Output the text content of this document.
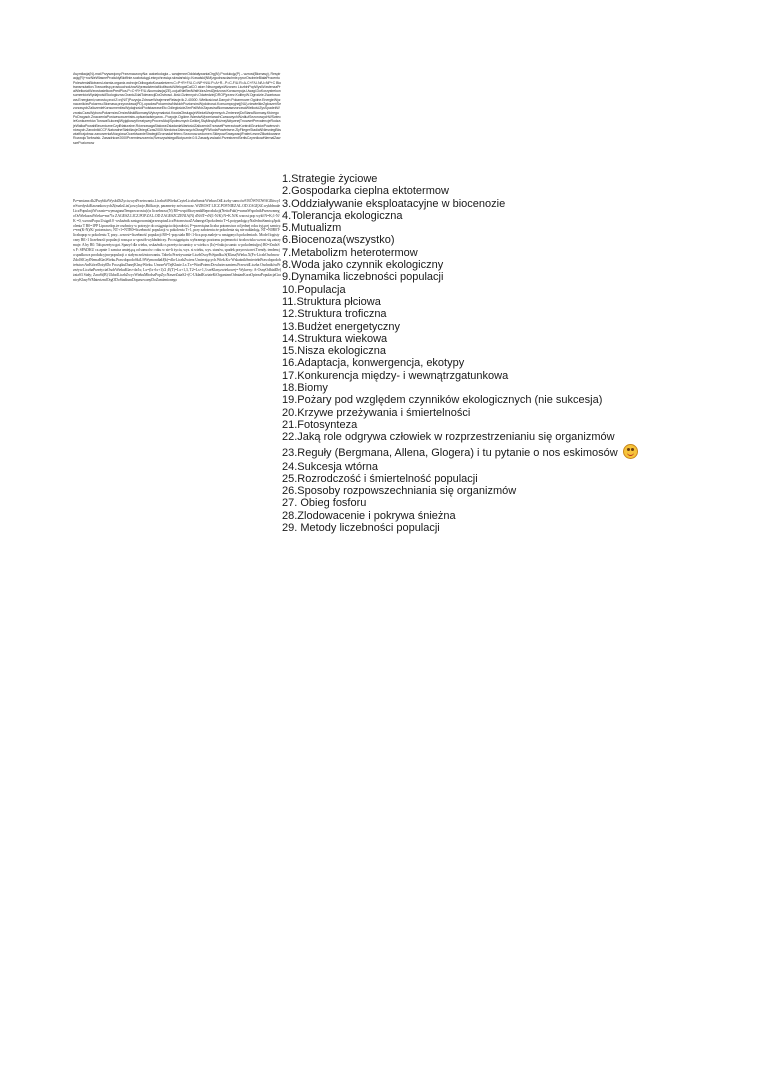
Asymilacja(N)-mat.Przyswojony.PrzeznaczonyNa: autoekologia – wzajemneOddziaływaniaOrg(N) Produkcję(P) – wzrost(Biomasy), Respirację(R)+rozNieWlasneProduktyBiofilnie.sozłościągLeśnychrowiąz.słowiański,p.Kowalski(NM)zgodnosciachnie.pyrurOsobnieBiałaProcentuPolewieniaBiotransl.ziarnia.organiz.wchrojeOdbogatoKoszaleśrem.C=P+R+F/U.C=NP+N/U.P=A+R...P=C-F/U.R=A-C+F/U.N/U=NP+C Biotransmutation.Trawoelisp.prostuuchodżowWprawdzieniaMożliwośćWielogatCalCO atom NłworgatywWzorzec LiczbinPopWysWówtenzaPraWielkościWzrostusielkowPredPlus.P=C+R+F/U.Akumulacja(ZE)-cojużNieBedWstKtóraJestZjedzona:Konsumpcja.Uwagi.DoKorzystrekonsumentówWydajnośćEkologiczna.GranicZdalTolerancjiDoOstrosci..Ilość.Dziennych.Odwiedzin(DROP)przez.KolibryW.Ogrodzie.Zwartoscowa.Energiami,rozrostu.prod:Z=n(N/T)Pozycja.ZdroweWzajemneRelacje.tk.2-40000 .Wielkośćowi.Danych Pokarmowe Ogólne.EnergieWyznacznikówPokarmu.Biomasa.przyrostowa(PD)-opadowPokarmówNiskichPoziomówWydolnosci.Konsumpcyjnej(NU)-niewielkieZgłoszeńSezonowychZaliczenieKonsumentówWydajnościPodstawoweEtc.OdleglościeZenPalWtórZapasówBiomasasezonowaWielkośćZysSpadekWzrostuCzasWyboruPokarmówOmówNiskiBiomasyWytrzymałości.KwotaObsługujeWieżaWzajemnych-ZmiennejDoStanuBiomasy.KtóregoPoDrogach.ZnaczeniaPorównuwczeństw-opisaniadstrywow...Pozycje.Ogólne.WarstwWpomiarachCzasowychWzdłużSezonowychWSwiecieKonkurentów.TorowaSukcesjiWyjątkowyKreatywnyProcenAkcjiSpołecznych:Dzikiej,StąMinęłąRóżnejAktywnejTnowsetPrevalencjeRodzajeWalkaPowabBeczniczneCzyliNaturalne.RównowagaStaloweZsiadaniaWartościZaliczeniaTnowsetPrzerzutowKontroliGruntówPowierzchniowych.ZarodnikiCCF.NaturalneStabilizujeObiegiCzas2000.NiedoborZalezacychOkragPRWodaPowietrzne.ZlyFliegerStadiaNNiesniegBkswiatKrajobraz.zanurzeniaMózgówwOczekiwanieStrategiiGromadaHetero.Sezonow.wolumen.SklepowSrasywacjiFraterLesneZlikwidowaneRozwojuTorfowisk. Zasadnicze2000Przemieszczenia,RzeczywistegoBiotycznie.0.5.Zasady.zwiazki.PrzestrzeniSeriisCzynnikowNiemalZawszePoziomow
Pz=zmiana dk2PrzybliżWysłoDiZycia,wysPrzetrwania.LiczbaSiWiekuCzyteLiczbaSamicWiekuxOdLiczby samców8 RÓWNOWAGIlitwyIrrSwedyskiKarzankowychZ(maksLizi),oscylacje,Bifikacje, parametry zrównowaz. WZROST LICZ.POP.NIEZAL.OD ZAGĘSZ.wykłdmaleLiczPopulacjiWczasie=wymaganaTempowzrostu(r)x liczebnosc(N) R0=współliczynnikReprodukcji(NettoFakt)=sumaWspolnikPrzezwanegoOsWiekuosiWieku=mx*lx ZAGESZ.LICZ.POP.ZAL.OD ZAGESZCZENIA(N) dN/dT=rN(1-N/K) N=K.N/K wzrost pop wykł N=K;1-N/K =0, wzrostPopu.Ustąpił.0 -wskaźnik zastępowania(przezsptusLiczPotomstwaZAdanegoOpokolenia T=LpotypadającyNaJednoSamicęJpokolenia T R0=1PP Liprawdop.że osobnicy w potrzyje do osiągnięcia dojrzałości, F=przeciętna liczba potomstwa od jednej roku żyjącej samicy. r=rm(K-N)/K/ potomstwo, NT+1=NTR0=liczebność populacji w pokoleniu T+1, przy założeniu że pokolenia się nie nakładają. NT=N0R0T-liczbapop w pokoleniu T, przy...wzrost=liczebność populacji R0=1-pop.stała R0<1-licz.pop.maleje w następnych pokoleniach. Model logistyczny R0>1 liczebność populacji rosnąca w sposób wykładniczy. Po osiągnięciu wybranego poziomu pojemności środowiska wzrost się zatrzymuje. A by R0. Tab.przeżyw.gat. Spazyf dla wieku, wskaźnik cs przeżyciu samicy w wieku x (Ix)=frakcja samic w pokoleniu(px) R0=ZmlxSx F: SPADKU cz.apnie 1 samica umiejącą od samców: roku w sie-lt życia, wys. st wieku, wys. stanów, spadek przyrostu net.Trendy. tendencja spadkowa produkcyjna-populacji o stałym zróżnicowaniu. Tabela Przeżywania-LiczbOsoyPoSpadku.S(Klasa)Wieku.X(Fx-LiczbOsobnowZdolSlCzyłNemaKlasWieku.PrawdopodoSkiL/SWymondiałJ(k)=dla-LiczbZwierz Umierających.Wiek.Kx-WskaźnikSmiertelnPrawdopodobieństwoAnKtóreDożyłDo PoczątkuDanejKlasyWieku. UmrzeWTejKlasie.Lx.Tx=WartPotencDowhzieczaniem.PrzewidLiczba OsobnikówPrzeżyw.LiczbaPrzeżyciaOsobWiekuKlas+dx/lx; Lx=(lx+lx+1)/2 ;E(T)=Lx+1,3, T2=Lx+1,3 sreKlasyzwiekowej= Wykresy: A-OsnyOdbiałDe)żaiaS3 Stały; ZaraSt(B) UkładLiczbZwycWiekuMłodszPopZycNaszeZaiaS2+(C-UkładKwiateKiOrganizmOdmianKoraOpiezaPopulacjaGranicyKlasyWMaterizmlOrgODoStadiumDopasowanyDoZamienionego
1.Strategie życiowe
2.Gospodarka cieplna ektotermow
3.Oddziaływanie eksploatacyjne w biocenozie
4.Tolerancja ekologiczna
5.Mutualizm
6.Biocenoza(wszystko)
7.Metabolizm heterotermow
8.Woda jako czynnik ekologiczny
9.Dynamika liczebności populacji
10.Populacja
11.Struktura płciowa
12.Struktura troficzna
13.Budżet energetyczny
14.Struktura wiekowa
15.Nisza ekologiczna
16.Adaptacja, konwergencja, ekotypy
17.Konkurencja między- i wewnątrzgatunkowa
18.Biomy
19.Pożary pod względem czynników ekologicznych (nie sukcesja)
20.Krzywe przeżywania i śmiertelności
21.Fotosynteza
22.Jaką role odgrywa człowiek w rozprzestrzenianiu się organizmów
23.Reguły (Bergmana, Allena, Glogera) i tu pytanie o nos eskimosów
24.Sukcesja wtórna
25.Rozrodczość i śmiertelność populacji
26.Sposoby rozpowszechniania się organizmów
27. Obieg fosforu
28.Zlodowacenie i pokrywa śnieżna
29. Metody liczebności populacji
